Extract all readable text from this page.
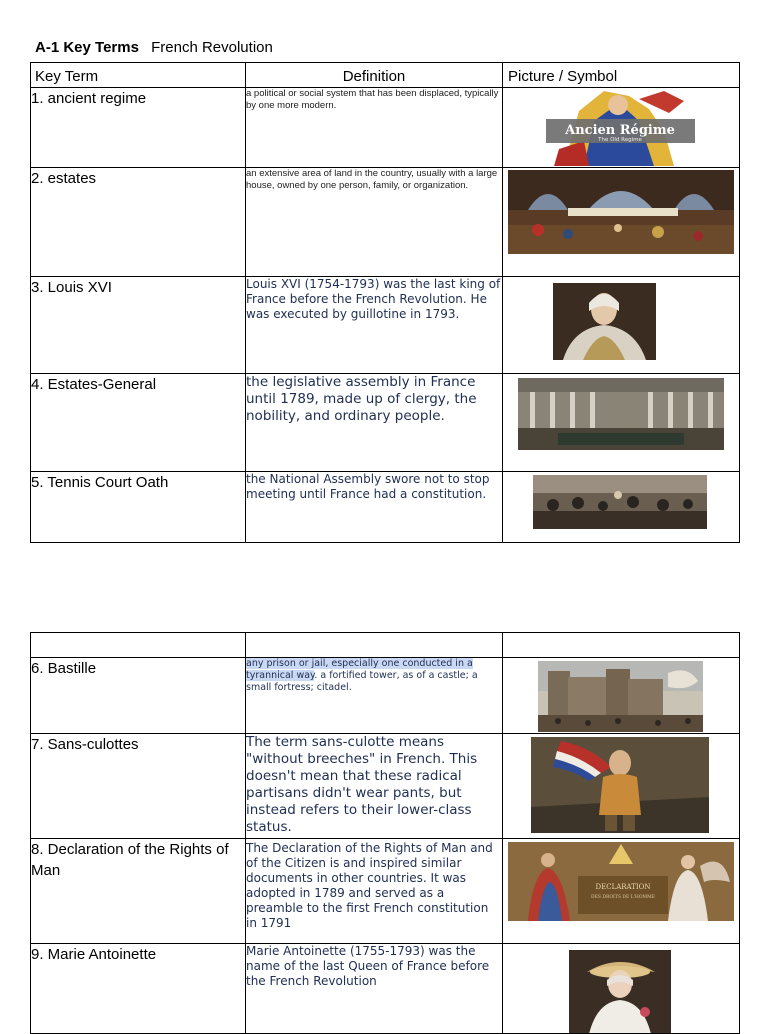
A-1 Key Terms French Revolution
Key Term	Definition	Picture / Symbol
1. ancient regime	a political or social system that has been displaced, typically by one more modern.	Ancien Régime
The Old Regime

2. estates	an extensive area of land in the country, usually with a large house, owned by one person, family, or organization.	

3. Louis XVI	Louis XVI (1754-1793) was the last king of France before the French Revolution. He was executed by guillotine in 1793.	

4. Estates-General	the legislative assembly in France until 1789, made up of clergy, the nobility, and ordinary people.	

5. Tennis Court Oath	the National Assembly swore not to stop meeting until France had a constitution.	

6. Bastille	any prison or jail, especially one conducted in a tyrannical way. a fortified tower, as of a castle; a small fortress; citadel.	

7. Sans-culottes	The term sans-culotte means "without breeches" in French. This doesn't mean that these radical partisans didn't wear pants, but instead refers to their lower-class status.	

8. Declaration of the Rights of Man	The Declaration of the Rights of Man and of the Citizen is and inspired similar documents in other countries. It was adopted in 1789 and served as a preamble to the first French constitution in 1791	DECLARATION
DES DROITS DE L'HOMME

9. Marie Antoinette	Marie Antoinette (1755-1793) was the name of the last Queen of France before the French Revolution	
